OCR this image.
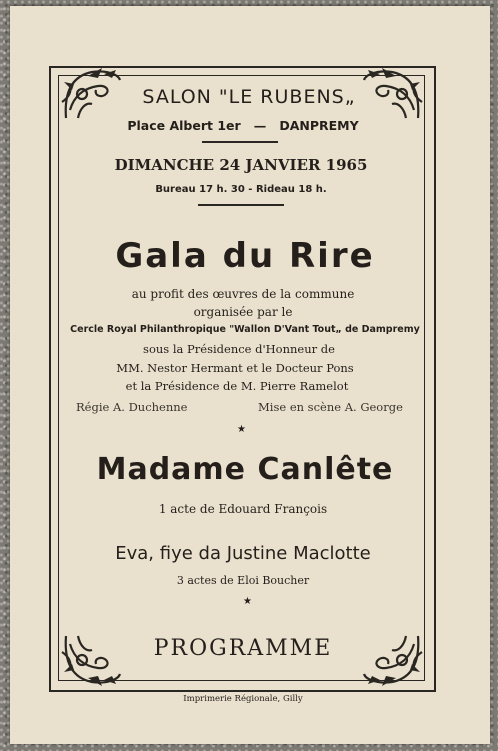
SALON "LE RUBENS„
Place Albert 1er — DANPREMY
DIMANCHE 24 JANVIER 1965
Bureau 17 h. 30 - Rideau 18 h.
Gala du Rire
au profit des œuvres de la commune
organisée par le
Cercle Royal Philanthropique "Wallon D'Vant Tout„ de Dampremy
sous la Présidence d'Honneur de
MM. Nestor Hermant et le Docteur Pons
et la Présidence de M. Pierre Ramelot
Régie A. Duchenne	Mise en scène A. George
★
Madame Canlête
1 acte de Edouard François
Eva, fiye da Justine Maclotte
3 actes de Eloi Boucher
★
PROGRAMME
Imprimerie Régionale, Gilly
